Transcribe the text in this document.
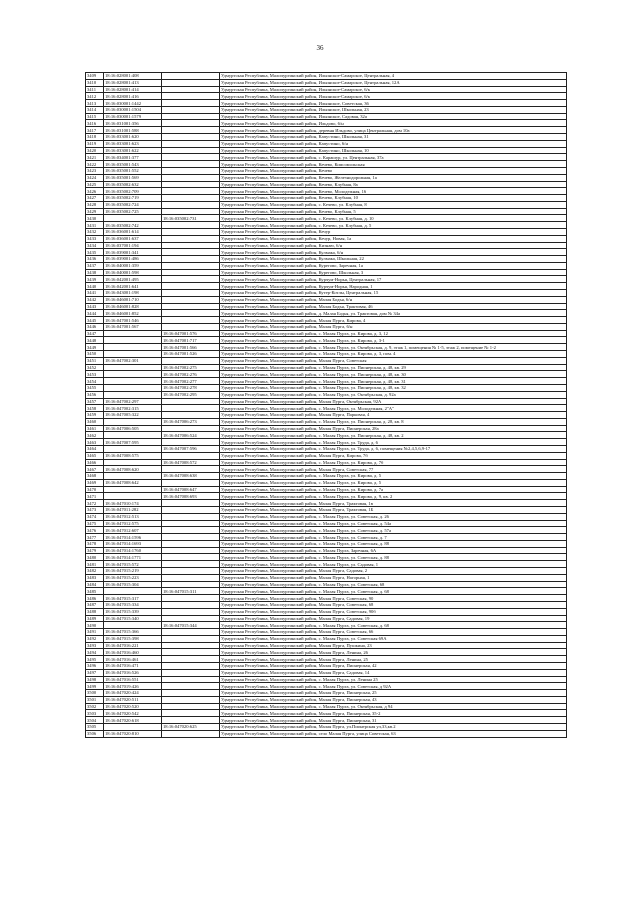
36
3409	18:16:028001:408		Удмуртская Республика, Малопургинский район, Ильинское-Самарское, Центральная, 4
3410	18:16:028001:413		Удмуртская Республика, Малопургинский район, Ильинское-Самарское, Центральная, 12А
3411	18:16:028001:414		Удмуртская Республика, Малопургинский район, Ильинское-Самарское, 6/к
3412	18:16:028001:416		Удмуртская Республика, Малопургинский район, Ильинское-Самарское, 6/к
3413	18:16:030001:1442		Удмуртская Республика, Малопургинский район, Ильинское, Советская, 36
3414	18:16:030001:1504		Удмуртская Республика, Малопургинский район, Ильинское, Школьная, 23
3415	18:16:030001:1579		Удмуртская Республика, Малопургинский район, Ильинское, Садовая, 32а
3416	18:16:031001:356		Удмуртская Республика, Малопургинский район, Ильдово, 6/н
3417	18:16:031001:588		Удмуртская Республика, Малопургинский район, деревня Ильдово, улица Центральная, дом 10а
3418	18:16:033001:620		Удмуртская Республика, Малопургинский район, Капустино, Школьная, 31
3419	18:16:033001:623		Удмуртская Республика, Малопургинский район, Капустино, 6/н
3420	18:16:033001:622		Удмуртская Республика, Малопургинский район, Капустино, Школьная, 10
3421	18:16:034001:377		Удмуртская Республика, Малопургинский район, с. Карашур, ул. Центральная, 37а
3422	18:16:035001:543		Удмуртская Республика, Малопургинский район, Кечево, Комсомольская
3423	18:16:035001:552		Удмуртская Республика, Малопургинский район, Кечево
3424	18:16:035001:569		Удмуртская Республика, Малопургинский район, Кечево, Железнодорожная, 1а
3425	18:16:035002:632		Удмуртская Республика, Малопургинский район, Кечево, Клубная, 8а
3426	18:16:035002:709		Удмуртская Республика, Малопургинский район, Кечево, Молодежная, 16
3427	18:16:035002:719		Удмуртская Республика, Малопургинский район, Кечево, Клубная, 10
3428	18:16:035002:724		Удмуртская Республика, Малопургинский район, с. Кечево, ул. Клубная, 8
3429	18:16:035002:725		Удмуртская Республика, Малопургинский район, Кечево, Клубная, 5
3430		18:16:035002:731	Удмуртская Республика, Малопургинский район, с. Кечево, ул. Клубная, д. 10
3431	18:16:035002:742		Удмуртская Республика, Малопургинский район, с. Кечево, ул. Клубная, д. 5
3432	18:16:036001:614		Удмуртская Республика, Малопургинский район, Кечур
3433	18:16:036001:637		Удмуртская Республика, Малопургинский район, Кечур, Новая, 1а
3434	18:16:037001:194		Удмуртская Республика, Малопургинский район, Кизнаю, 6/н
3435	18:16:039001:341		Удмуртская Республика, Малопургинский район, Кулмака, 6/н
3436	18:16:039001:486		Удмуртская Республика, Малопургинский район, Кулмака, Школьная, 22
3437	18:16:040001:359		Удмуртская Республика, Малопургинский район, Курегово, Заречная, 1а
3438	18:16:040001:598		Удмуртская Республика, Малопургинский район, Курегово, Школьная, 3
3439	18:16:042001:495		Удмуртская Республика, Малопургинский район, Курчум-Норья, Центральная, 17
3440	18:16:042001:641		Удмуртская Республика, Малопургинский район, Курчум-Норья, Народная, 1
3441	18:16:043001:198		Удмуртская Республика, Малопургинский район, Кутер-Котлы, Центральная, 15
3442	18:16:046001:710		Удмуртская Республика, Малопургинский район, Малая Бодья, 6/н
3443	18:16:046001:828		Удмуртская Республика, Малопургинский район, Малая Бодья, Трактовая, 46
3444	18:16:046001:852		Удмуртская Республика, Малопургинский район, д. Малая Бодья, ул. Трактовая, дом № 34а
3445	18:16:047001:546		Удмуртская Республика, Малопургинский район, Малая Пурга, Кирова, 4
3446	18:16:047001:567		Удмуртская Республика, Малопургинский район, Малая Пурга, 6/н
3447		18:16:047001:576	Удмуртская Республика, Малопургинский район, с. Малая Пурга, ул. Кирова, д. 3, 12
3448		18:16:047001:717	Удмуртская Республика, Малопургинский район, с. Малая Пурга, ул. Кирова, д. 3-1
3449		18:16:047001:566	Удмуртская Республика, Малопургинский район, с. Малая Пурга, ул. Октябрьская, д. 9, этаж 1, помещения № 1-5, этаж 2, помещение № 1-2
3450		18:16:047001:526	Удмуртская Республика, Малопургинский район, с. Малая Пурга, ул. Кирова, д. 3, пом. 4
3451	18:16:047002:301		Удмуртская Республика, Малопургинский район, Малая Пурга, Советская
3452		18:16:047002:275	Удмуртская Республика, Малопургинский район, с. Малая Пурга, ул. Пионерская, д. 48, кв. 29
3453		18:16:047002:276	Удмуртская Республика, Малопургинский район, с. Малая Пурга, ул. Пионерская, д. 48, кв. 30
3454		18:16:047002:277	Удмуртская Республика, Малопургинский район, с. Малая Пурга, ул. Пионерская, д. 48, кв. 31
3455		18:16:047002:278	Удмуртская Республика, Малопургинский район, с. Малая Пурга, ул. Пионерская, д. 48, кв. 32
3456		18:16:047002:295	Удмуртская Республика, Малопургинский район, с. Малая Пурга, ул. Октябрьская, д. 92а
3457	18:16:047002:297		Удмуртская Республика, Малопургинский район, Малая Пурга, Октябрьская, 92А
3458	18:16:047002:315		Удмуртская Республика, Малопургинский район, с. Малая Пурга, ул. Молодежная, 2"А"
3459	18:16:047005:322		Удмуртская Республика, Малопургинский район, Малая Пурга, Парковая, 4
3460		18:16:047006:273	Удмуртская Республика, Малопургинский район, с. Малая Пурга, ул. Пионерская, д. 28, кв. 8
3461	18:16:047006:505		Удмуртская Республика, Малопургинский район, Малая Пурга, Пионерская, 28а
3462		18:16:047006:524	Удмуртская Республика, Малопургинский район, с. Малая Пурга, ул. Пионерская, д. 48, кв. 2
3463	18:16:047007:595		Удмуртская Республика, Малопургинский район, с. Малая Пурга, ул. Труда, д. 6
3464		18:16:047007:596	Удмуртская Республика, Малопургинский район, с. Малая Пурга, ул. Труда, д. 6, помещения №2,4,5,6,9-17
3465	18:16:047008:575		Удмуртская Республика, Малопургинский район, Малая Пурга, Кирова, 7б
3466		18:16:047008:572	Удмуртская Республика, Малопургинский район, с. Малая Пурга, ул. Кирова, д. 7б
3467	18:16:047008:620		Удмуртская Республика, Малопургинский район, Малая Пурга, Советская, 77
3468		18:16:047008:638	Удмуртская Республика, Малопургинский район, с. Малая Пурга, ул. Кирова, д. 5
3469	18:16:047008:642		Удмуртская Республика, Малопургинский район, с. Малая Пурга, ул. Кирова, д. 5
3470		18:16:047008:647	Удмуртская Республика, Малопургинский район, с. Малая Пурга, ул. Кирова, д. 7а
3471		18:16:047008:693	Удмуртская Республика, Малопургинский район, с. Малая Пурга, ул. Кирова, д. 9, кв. 2
3472	18:16:047010:174		Удмуртская Республика, Малопургинский район, Малая Пурга, Трактовая, 1в
3473	18:16:047011:282		Удмуртская Республика, Малопургинский район, Малая Пурга, Трактовая, 1Б
3474	18:16:047012:513		Удмуртская Республика, Малопургинский район, с. Малая Пурга, ул. Советская, д. 26
3475	18:16:047012:575		Удмуртская Республика, Малопургинский район, с. Малая Пурга, ул. Советская, д. 54а
3476	18:16:047012:607		Удмуртская Республика, Малопургинский район, с. Малая Пурга, ул. Советская, д. 57а
3477	18:16:047014:1596		Удмуртская Республика, Малопургинский район, с. Малая Пурга, ул. Советская, д. 7
3478	18:16:047014:1693		Удмуртская Республика, Малопургинский район, с. Малая Пурга, ул. Советская, д. 88
3479	18:16:047014:1760		Удмуртская Республика, Малопургинский район, с. Малая Пурга, Заречная, 6А
3480	18:16:047014:1771		Удмуртская Республика, Малопургинский район, с. Малая Пурга, ул. Советская, д. 88
3481	18:16:047015:572		Удмуртская Республика, Малопургинский район, с. Малая Пурга, ул. Садовая, 1
3482	18:16:047015:219		Удмуртская Республика, Малопургинский район, Малая Пурга, Садовая, 2
3483	18:16:047015:223		Удмуртская Республика, Малопургинский район, Малая Пурга, Нагорная, 1
3484	18:16:047015:304		Удмуртская Республика, Малопургинский район, с. Малая Пурга, ул. Советская, 68
3485		18:16:047015:311	Удмуртская Республика, Малопургинский район, с. Малая Пурга, ул. Советская, д. 68
3486	18:16:047015:317		Удмуртская Республика, Малопургинский район, Малая Пурга, Советская, 90
3487	18:16:047015:334		Удмуртская Республика, Малопургинский район, Малая Пурга, Советская, 68
3488	18:16:047015:339		Удмуртская Республика, Малопургинский район, Малая Пурга, Советская, 90б
3489	18:16:047015:340		Удмуртская Республика, Малопургинский район, Малая Пурга, Садовая, 19
3490		18:16:047015:344	Удмуртская Республика, Малопургинский район, с. Малая Пурга, ул. Советская, д. 68
3491	18:16:047015:366		Удмуртская Республика, Малопургинский район, Малая Пурга, Советская, 66
3492	18:16:047015:398		Удмуртская Республика, Малопургинский район, с. Малая Пурга, ул. Советская 69А
3493	18:16:047016:221		Удмуртская Республика, Малопургинский район, Малая Пурга, Пушкина, 23
3494	18:16:047016:460		Удмуртская Республика, Малопургинский район, Малая Пурга, Ленина, 26
3495	18:16:047016:461		Удмуртская Республика, Малопургинский район, Малая Пурга, Ленина, 25
3496	18:16:047016:471		Удмуртская Республика, Малопургинский район, Малая Пурга, Пионерская, 42
3497	18:16:047016:526		Удмуртская Республика, Малопургинский район, Малая Пурга, Садовая, 14
3498	18:16:047016:551		Удмуртская Республика, Малопургинский район, с. Малая Пурга, ул. Ленина 25
3499	18:16:047019:426		Удмуртская Республика, Малопургинский район, с. Малая Пурга, ул. Советская, д 92А
3500	18:16:047020:424		Удмуртская Республика, Малопургинский район, Малая Пурга, Пионерская, 25
3501	18:16:047020:511		Удмуртская Республика, Малопургинский район, Малая Пурга, Пионерская, 43
3502	18:16:047020:520		Удмуртская Республика, Малопургинский район, с. Малая Пурга, ул. Октябрьская, д 94
3503	18:16:047020:542		Удмуртская Республика, Малопургинский район, Малая Пурга, Пионерская, 35-2
3504	18:16:047020:618		Удмуртская Республика, Малопургинский район, Малая Пурга, Пионерская, 31
3505		18:16:047020:625	Удмуртская Республика, Малопургинский район, Малая Пурга, ул.Пионерская ул,33,кв.2
3506	18:16:047020:810		Удмуртская Республика, Малопургинский район, село Малая Пурга, улица Советская, 63
